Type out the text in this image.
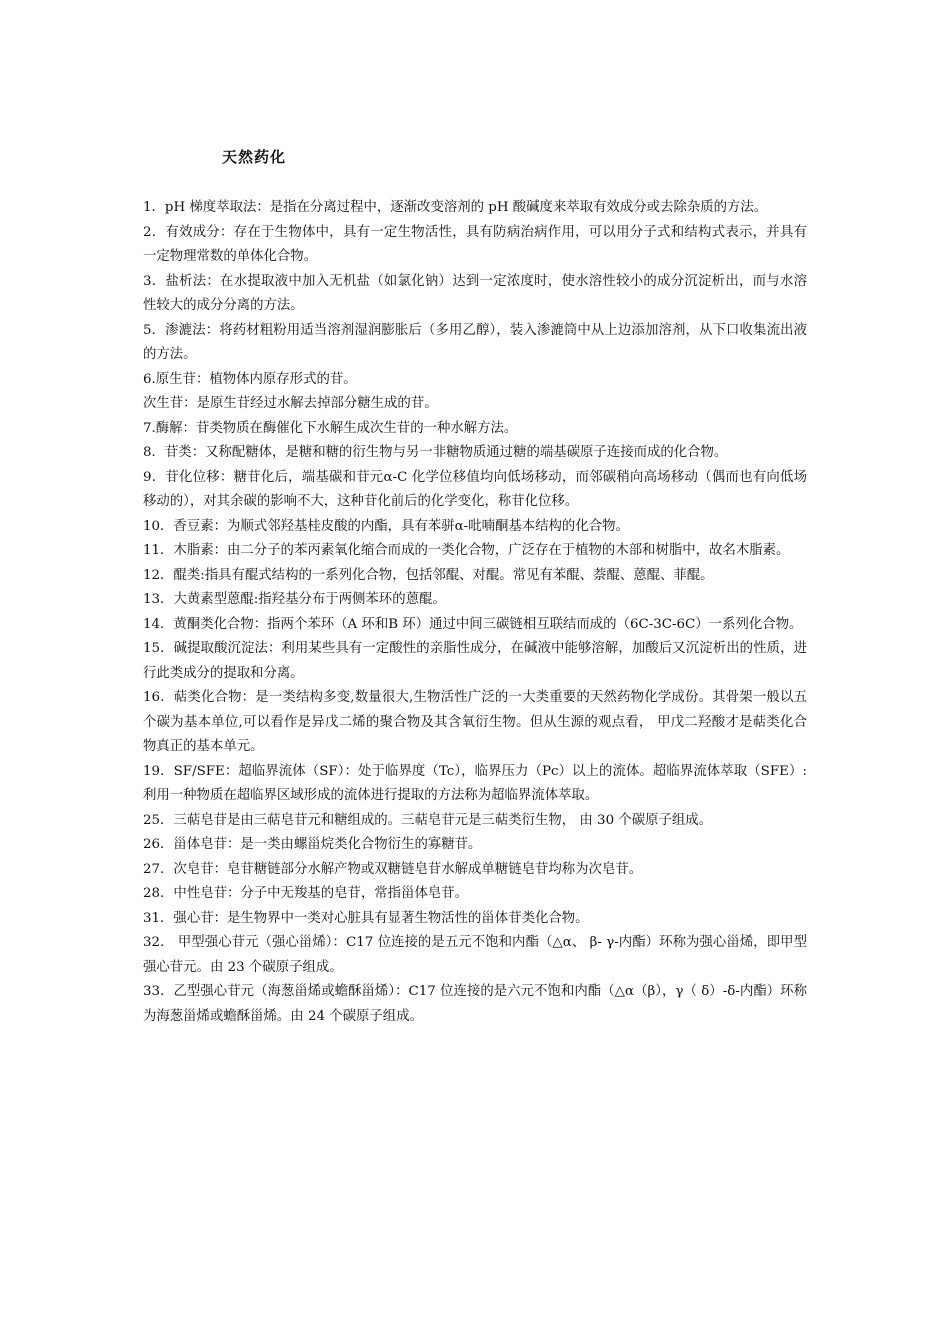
天然药化

1．pH 梯度萃取法：是指在分离过程中，逐渐改变溶剂的 pH 酸碱度来萃取有效成分或去除杂质的方法。

2．有效成分：存在于生物体中，具有一定生物活性，具有防病治病作用，可以用分子式和结构式表示，并具有一定物理常数的单体化合物。

3．盐析法：在水提取液中加入无机盐（如氯化钠）达到一定浓度时，使水溶性较小的成分沉淀析出，而与水溶性较大的成分分离的方法。

5．渗漉法：将药材粗粉用适当溶剂湿润膨胀后（多用乙醇），装入渗漉筒中从上边添加溶剂，从下口收集流出液的方法。

6.原生苷：植物体内原存形式的苷。

次生苷：是原生苷经过水解去掉部分糖生成的苷。

7.酶解：苷类物质在酶催化下水解生成次生苷的一种水解方法。

8．苷类：又称配糖体，是糖和糖的衍生物与另一非糖物质通过糖的端基碳原子连接而成的化合物。

9．苷化位移：糖苷化后，端基碳和苷元α-C 化学位移值均向低场移动，而邻碳稍向高场移动（偶而也有向低场移动的），对其余碳的影响不大，这种苷化前后的化学变化，称苷化位移。

10．香豆素：为顺式邻羟基桂皮酸的内酯，具有苯骈α-吡喃酮基本结构的化合物。

11．木脂素：由二分子的苯丙素氧化缩合而成的一类化合物，广泛存在于植物的木部和树脂中，故名木脂素。

12．醌类:指具有醌式结构的一系列化合物，包括邻醌、对醌。常见有苯醌、萘醌、蒽醌、菲醌。

13．大黄素型蒽醌:指羟基分布于两侧苯环的蒽醌。

14．黄酮类化合物：指两个苯环（A 环和B 环）通过中间三碳链相互联结而成的（6C-3C-6C）一系列化合物。

15．碱提取酸沉淀法：利用某些具有一定酸性的亲脂性成分，在碱液中能够溶解，加酸后又沉淀析出的性质，进行此类成分的提取和分离。

16．萜类化合物：是一类结构多变,数量很大,生物活性广泛的一大类重要的天然药物化学成份。其骨架一般以五个碳为基本单位,可以看作是异戊二烯的聚合物及其含氧衍生物。但从生源的观点看， 甲戊二羟酸才是萜类化合物真正的基本单元。

19．SF/SFE：超临界流体（SF）：处于临界度（Tc），临界压力（Pc）以上的流体。超临界流体萃取（SFE）:利用一种物质在超临界区域形成的流体进行提取的方法称为超临界流体萃取。

25．三萜皂苷是由三萜皂苷元和糖组成的。三萜皂苷元是三萜类衍生物， 由 30 个碳原子组成。

26．甾体皂苷：是一类由螺甾烷类化合物衍生的寡糖苷。

27．次皂苷：皂苷糖链部分水解产物或双糖链皂苷水解成单糖链皂苷均称为次皂苷。

28．中性皂苷：分子中无羧基的皂苷，常指甾体皂苷。

31．强心苷：是生物界中一类对心脏具有显著生物活性的甾体苷类化合物。

32． 甲型强心苷元（强心甾烯）：C17 位连接的是五元不饱和内酯（△α、 β- γ-内酯）环称为强心甾烯，即甲型强心苷元。由 23 个碳原子组成。

33．乙型强心苷元（海葱甾烯或蟾酥甾烯）：C17 位连接的是六元不饱和内酯（△α（β），γ（ δ）-δ-内酯）环称为海葱甾烯或蟾酥甾烯。由 24 个碳原子组成。
